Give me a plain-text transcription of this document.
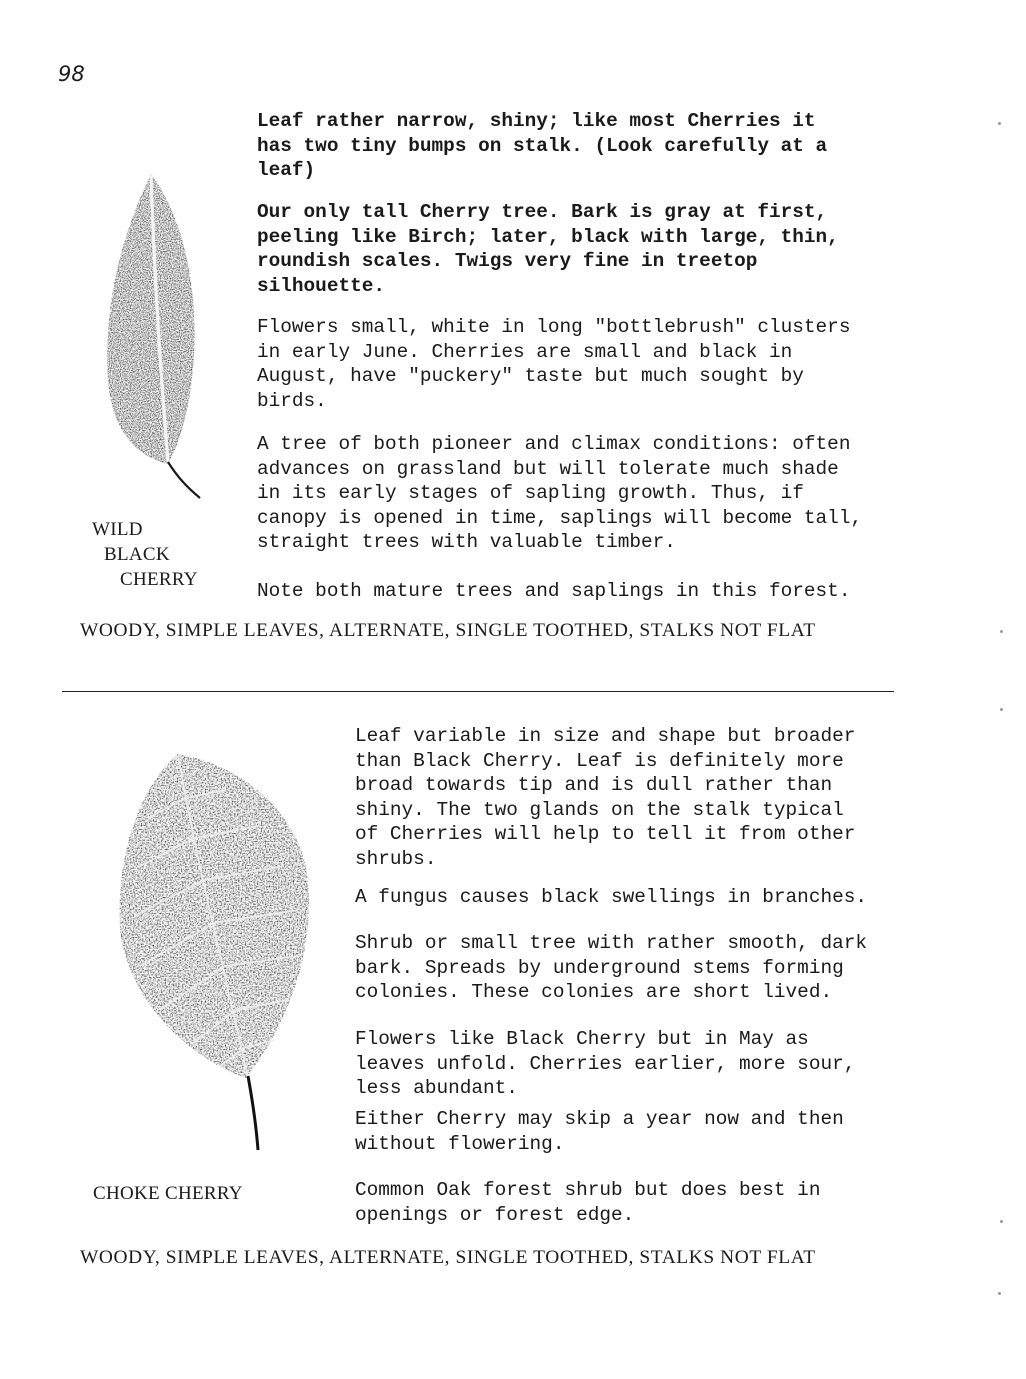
98
WILD
BLACK
CHERRY
Leaf rather narrow, shiny; like most Cherries it
has two tiny bumps on stalk. (Look carefully at a
leaf)
Our only tall Cherry tree. Bark is gray at first,
peeling like Birch; later, black with large, thin,
roundish scales. Twigs very fine in treetop
silhouette.
Flowers small, white in long "bottlebrush" clusters
in early June. Cherries are small and black in
August, have "puckery" taste but much sought by
birds.
A tree of both pioneer and climax conditions: often
advances on grassland but will tolerate much shade
in its early stages of sapling growth. Thus, if
canopy is opened in time, saplings will become tall,
straight trees with valuable timber.
Note both mature trees and saplings in this forest.
WOODY, SIMPLE LEAVES, ALTERNATE, SINGLE TOOTHED, STALKS NOT FLAT
CHOKE CHERRY
Leaf variable in size and shape but broader
than Black Cherry. Leaf is definitely more
broad towards tip and is dull rather than
shiny. The two glands on the stalk typical
of Cherries will help to tell it from other
shrubs.
A fungus causes black swellings in branches.
Shrub or small tree with rather smooth, dark
bark. Spreads by underground stems forming
colonies. These colonies are short lived.
Flowers like Black Cherry but in May as
leaves unfold. Cherries earlier, more sour,
less abundant.
Either Cherry may skip a year now and then
without flowering.
Common Oak forest shrub but does best in
openings or forest edge.
WOODY, SIMPLE LEAVES, ALTERNATE, SINGLE TOOTHED, STALKS NOT FLAT
